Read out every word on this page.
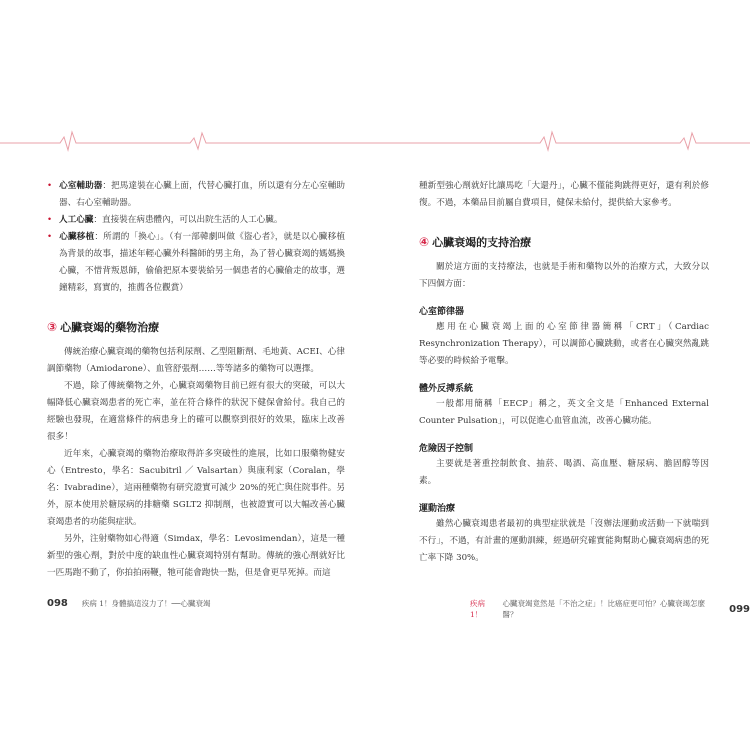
• 心室輔助器：把馬達裝在心臟上面，代替心臟打血，所以還有分左心室輔助器、右心室輔助器。

• 人工心臟：直接裝在病患體內，可以出院生活的人工心臟。

• 心臟移植：所謂的「換心」。（有一部韓劇叫做《盜心者》，就是以心臟移植為背景的故事，描述年輕心臟外科醫師的男主角，為了替心臟衰竭的媽媽換心臟，不惜背叛恩師，偷偷把原本要裝給另一個患者的心臟偷走的故事，選鐘精彩，寫實的，推薦各位觀賞）

③ 心臟衰竭的藥物治療

傳統治療心臟衰竭的藥物包括利尿劑、乙型阻斷劑、毛地黃、ACEI、心律調節藥物（Amiodarone）、血管舒張劑……等等諸多的藥物可以選擇。

不過，除了傳統藥物之外，心臟衰竭藥物目前已經有很大的突破，可以大幅降低心臟衰竭患者的死亡率，並在符合條件的狀況下健保會給付。我自己的經驗也發現，在適當條件的病患身上的確可以觀察到很好的效果，臨床上改善很多！

近年來，心臟衰竭的藥物治療取得許多突破性的進展，比如口服藥物健安心（Entresto，學名：Sacubitril ／ Valsartan）與康利家（Coralan，學名：Ivabradine），這兩種藥物有研究證實可減少 20%的死亡與住院事件。另外，原本使用於糖尿病的排糖藥 SGLT2 抑制劑，也被證實可以大幅改善心臟衰竭患者的功能與症狀。

另外，注射藥物如心得適（Simdax，學名：Levosimendan），這是一種新型的強心劑，對於中度的缺血性心臟衰竭特別有幫助。傳統的強心劑就好比一匹馬跑不動了，你拍拍兩鞭，牠可能會跑快一點，但是會更早死掉。而這

098 疾病 1！身體搞這沒力了！──心臟衰竭

種新型強心劑就好比讓馬吃「大還丹」，心臟不僅能夠跳得更好，還有利於修復。不過，本藥品目前屬自費項目，健保未給付，提供給大家參考。

④ 心臟衰竭的支持治療

關於這方面的支持療法，也就是手術和藥物以外的治療方式，大致分以下四個方面：

心室節律器

應用在心臟衰竭上面的心室節律器簡稱「CRT」（Cardiac Resynchronization Therapy），可以調節心臟跳動，或者在心臟突然亂跳等必要的時候給予電擊。

體外反搏系統

一般都用簡稱「EECP」稱之，英文全文是「Enhanced External Counter Pulsation」，可以促進心血管血流，改善心臟功能。

危險因子控制

主要就是著重控制飲食、抽菸、喝酒、高血壓、糖尿病、膽固醇等因素。

運動治療

雖然心臟衰竭患者最初的典型症狀就是「沒辦法運動或活動一下就喘到不行」，不過，有計畫的運動訓練，經過研究確實能夠幫助心臟衰竭病患的死亡率下降 30%。

疾病 1！
心臟衰竭竟然是「不治之症」！比癌症更可怕？心臟衰竭怎麼醫？	099
